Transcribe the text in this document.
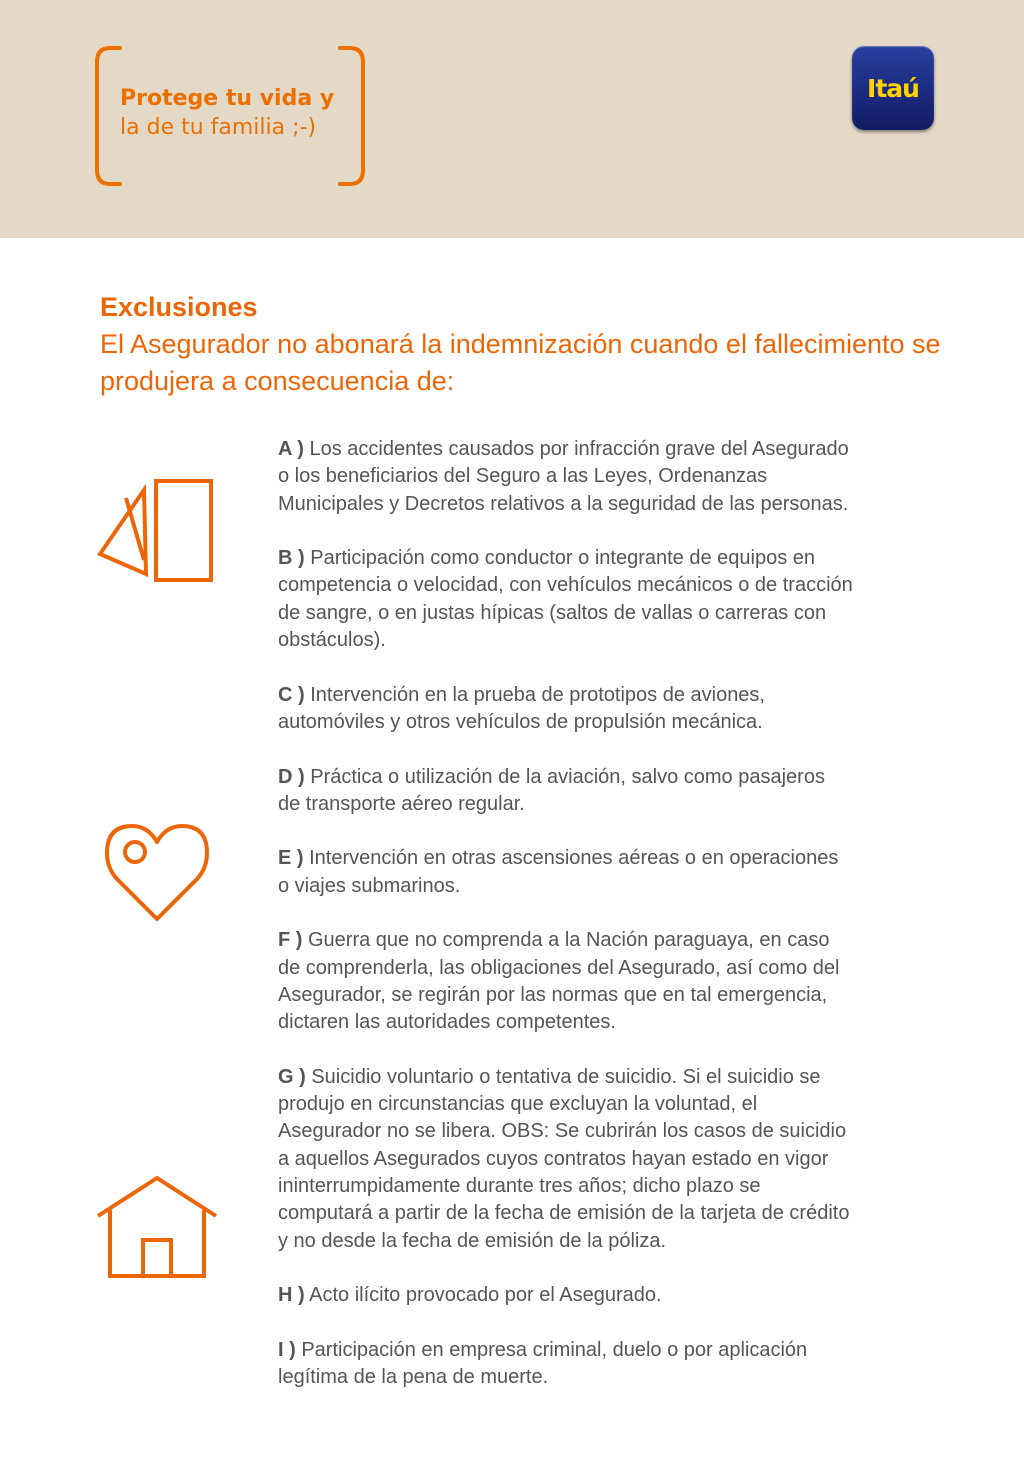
Protege tu vida y
la de tu familia ;-)
Itaú
Exclusiones
El Asegurador no abonará la indemnización cuando el fallecimiento se produjera a consecuencia de:

A ) Los accidentes causados por infracción grave del Asegurado
o los beneficiarios del Seguro a las Leyes, Ordenanzas
Municipales y Decretos relativos a la seguridad de las personas.

B ) Participación como conductor o integrante de equipos en
competencia o velocidad, con vehículos mecánicos o de tracción
de sangre, o en justas hípicas (saltos de vallas o carreras con
obstáculos).

C ) Intervención en la prueba de prototipos de aviones,
automóviles y otros vehículos de propulsión mecánica.

D ) Práctica o utilización de la aviación, salvo como pasajeros
de transporte aéreo regular.

E ) Intervención en otras ascensiones aéreas o en operaciones
o viajes submarinos.

F ) Guerra que no comprenda a la Nación paraguaya, en caso
de comprenderla, las obligaciones del Asegurado, así como del
Asegurador, se regirán por las normas que en tal emergencia,
dictaren las autoridades competentes.

G ) Suicidio voluntario o tentativa de suicidio. Si el suicidio se
produjo en circunstancias que excluyan la voluntad, el
Asegurador no se libera. OBS: Se cubrirán los casos de suicidio
a aquellos Asegurados cuyos contratos hayan estado en vigor
ininterrumpidamente durante tres años; dicho plazo se
computará a partir de la fecha de emisión de la tarjeta de crédito
y no desde la fecha de emisión de la póliza.

H ) Acto ilícito provocado por el Asegurado.

I ) Participación en empresa criminal, duelo o por aplicación
legítima de la pena de muerte.
